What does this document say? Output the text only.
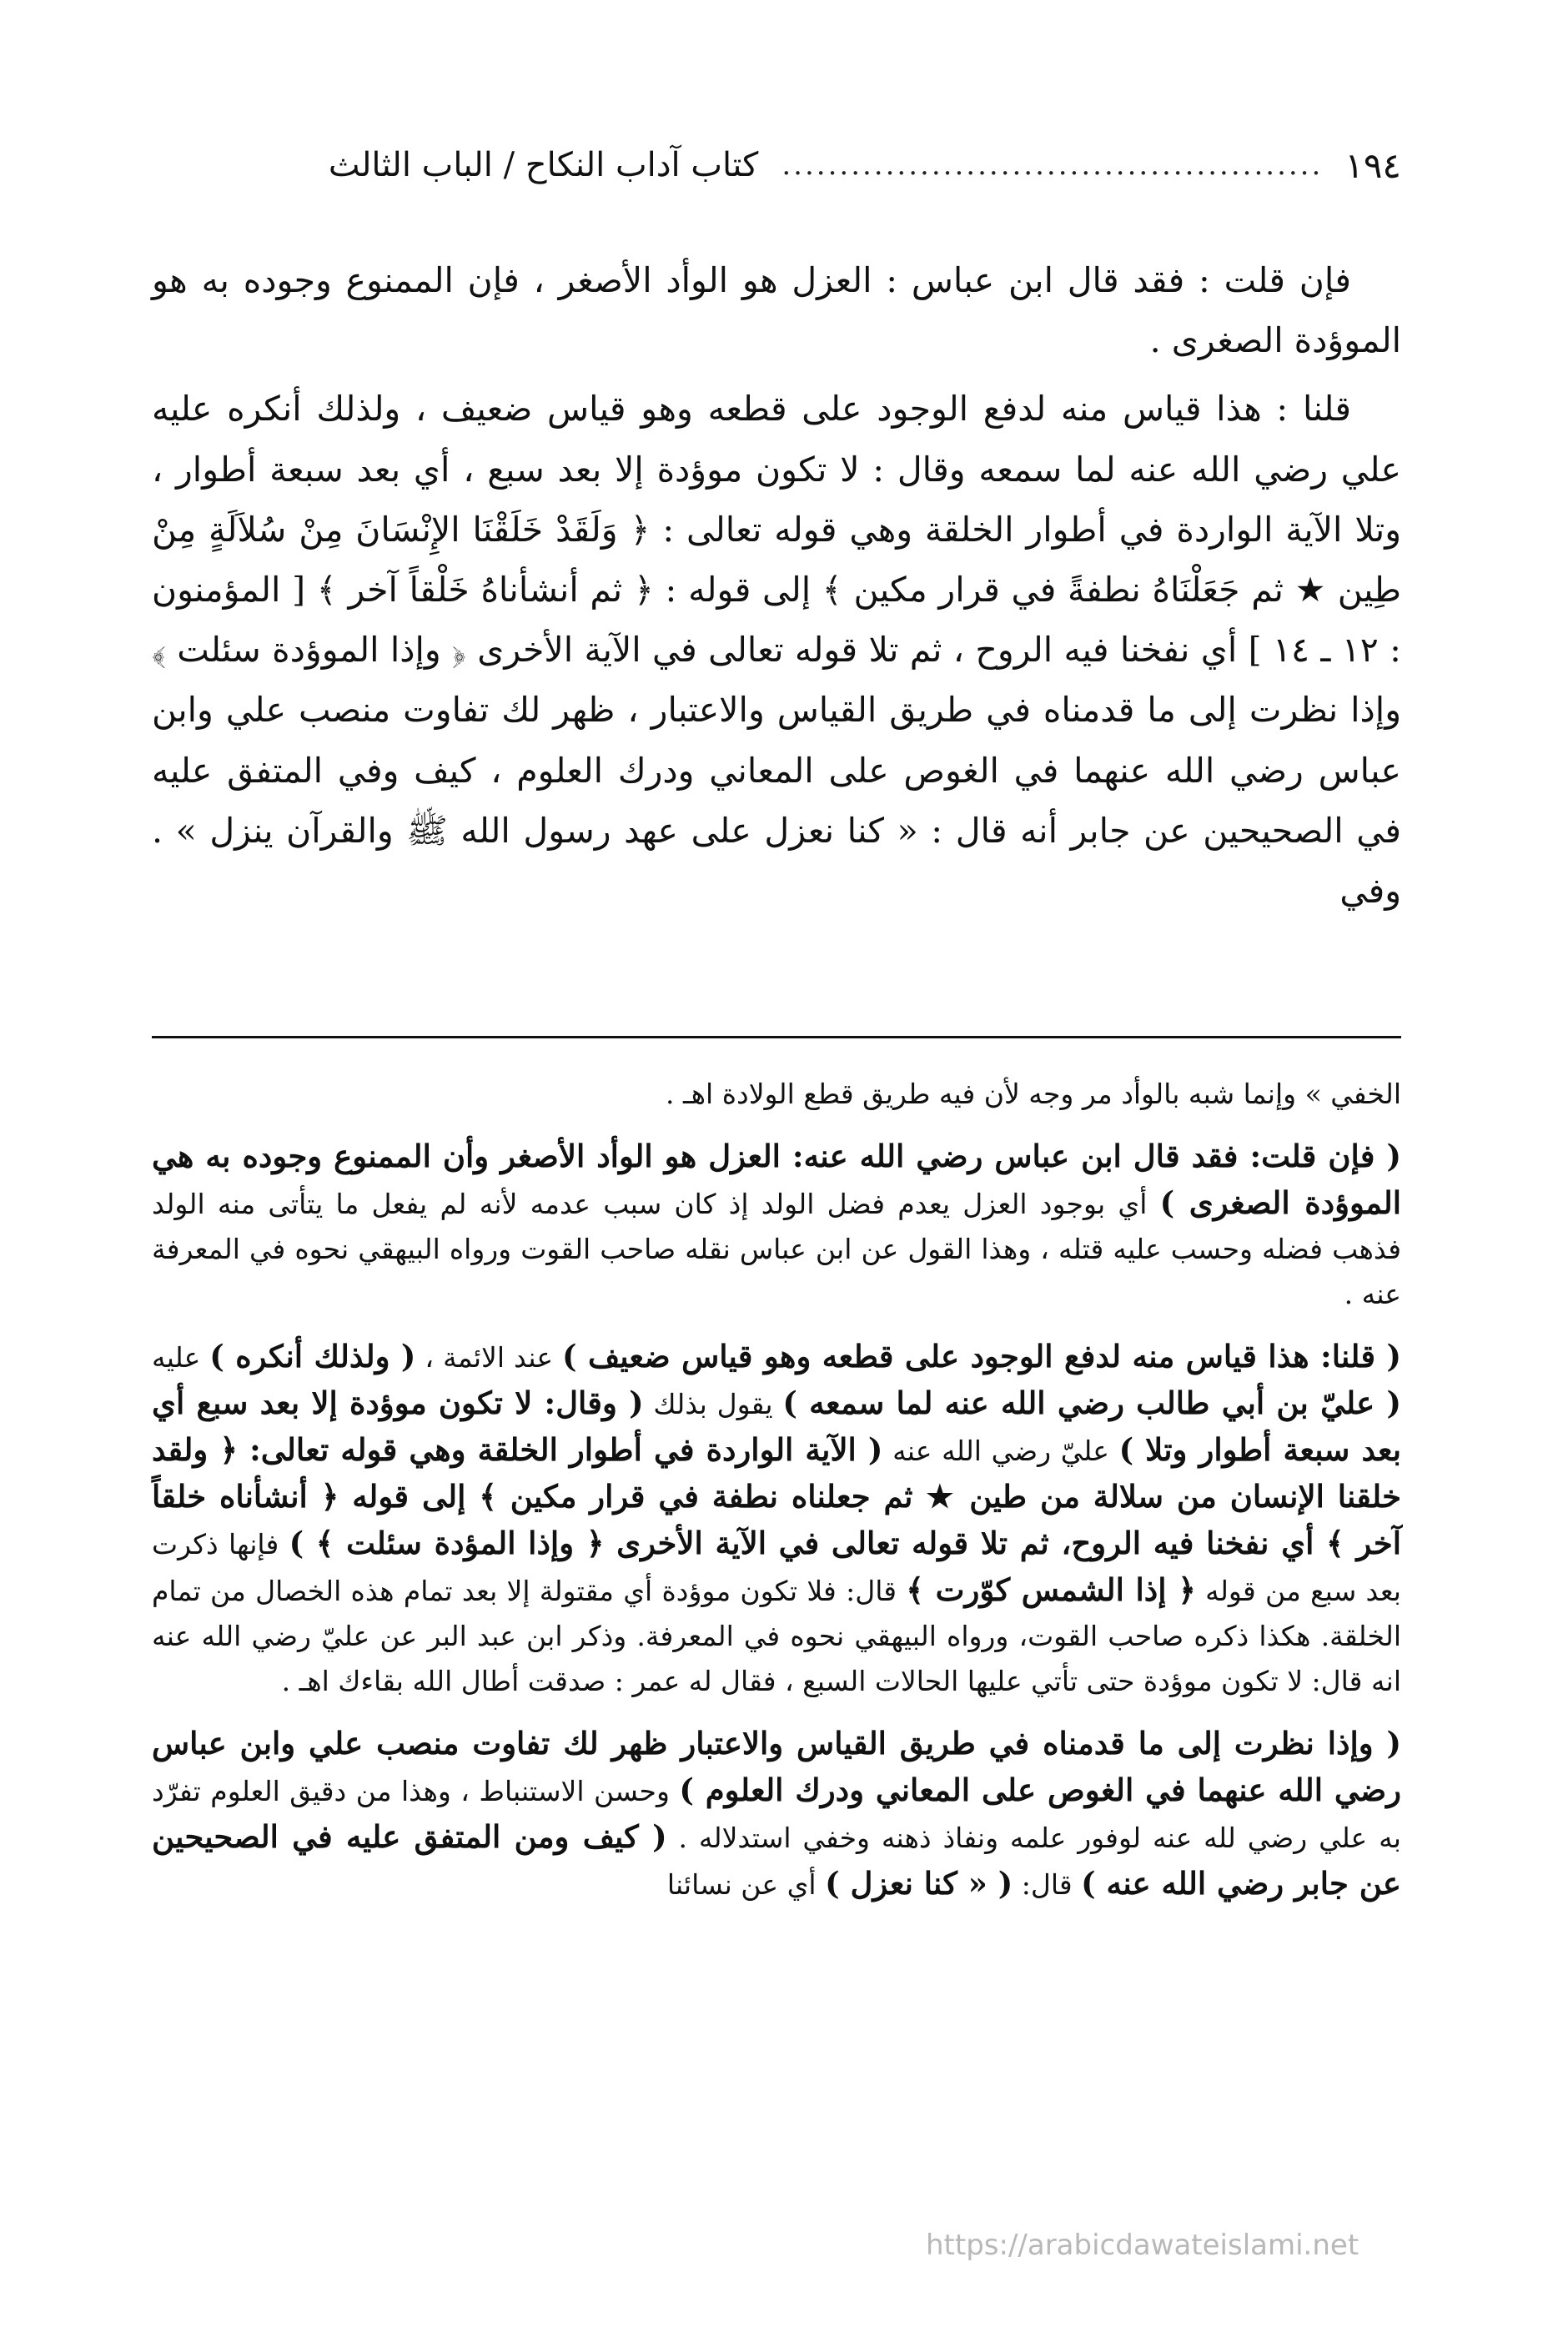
١٩٤
...............................................
كتاب آداب النكاح / الباب الثالث

فإن قلت : فقد قال ابن عباس : العزل هو الوأد الأصغر ، فإن الممنوع وجوده به هو الموؤدة الصغرى .

قلنا : هذا قياس منه لدفع الوجود على قطعه وهو قياس ضعيف ، ولذلك أنكره عليه علي رضي الله عنه لما سمعه وقال : لا تكون موؤدة إلا بعد سبع ، أي بعد سبعة أطوار ، وتلا الآية الواردة في أطوار الخلقة وهي قوله تعالى : ﴿ وَلَقَدْ خَلَقْنَا الإِنْسَانَ مِنْ سُلاَلَةٍ مِنْ طِين ★ ثم جَعَلْنَاهُ نطفةً في قرار مكين ﴾ إلى قوله : ﴿ ثم أنشأناهُ خَلْقاً آخر ﴾ [ المؤمنون : ١٢ ـ ١٤ ] أي نفخنا فيه الروح ، ثم تلا قوله تعالى في الآية الأخرى ﴿ وإذا الموؤدة سئلت ﴾ وإذا نظرت إلى ما قدمناه في طريق القياس والاعتبار ، ظهر لك تفاوت منصب علي وابن عباس رضي الله عنهما في الغوص على المعاني ودرك العلوم ، كيف وفي المتفق عليه في الصحيحين عن جابر أنه قال : « كنا نعزل على عهد رسول الله ﷺ والقرآن ينزل » . وفي

الخفي » وإنما شبه بالوأد مر وجه لأن فيه طريق قطع الولادة اهـ .

( فإن قلت: فقد قال ابن عباس رضي الله عنه: العزل هو الوأد الأصغر وأن الممنوع وجوده به هي الموؤدة الصغرى ) أي بوجود العزل يعدم فضل الولد إذ كان سبب عدمه لأنه لم يفعل ما يتأتى منه الولد فذهب فضله وحسب عليه قتله ، وهذا القول عن ابن عباس نقله صاحب القوت ورواه البيهقي نحوه في المعرفة عنه .

( قلنا: هذا قياس منه لدفع الوجود على قطعه وهو قياس ضعيف ) عند الائمة ، ( ولذلك أنكره ) عليه ( عليّ بن أبي طالب رضي الله عنه لما سمعه ) يقول بذلك ( وقال: لا تكون موؤدة إلا بعد سبع أي بعد سبعة أطوار وتلا ) عليّ رضي الله عنه ( الآية الواردة في أطوار الخلقة وهي قوله تعالى: ﴿ ولقد خلقنا الإنسان من سلالة من طين ★ ثم جعلناه نطفة في قرار مكين ﴾ إلى قوله ﴿ أنشأناه خلقاً آخر ﴾ أي نفخنا فيه الروح، ثم تلا قوله تعالى في الآية الأخرى ﴿ وإذا المؤدة سئلت ﴾ ) فإنها ذكرت بعد سبع من قوله ﴿ إذا الشمس كوّرت ﴾ قال: فلا تكون موؤدة أي مقتولة إلا بعد تمام هذه الخصال من تمام الخلقة. هكذا ذكره صاحب القوت، ورواه البيهقي نحوه في المعرفة. وذكر ابن عبد البر عن عليّ رضي الله عنه انه قال: لا تكون موؤدة حتى تأتي عليها الحالات السبع ، فقال له عمر : صدقت أطال الله بقاءك اهـ .

( وإذا نظرت إلى ما قدمناه في طريق القياس والاعتبار ظهر لك تفاوت منصب علي وابن عباس رضي الله عنهما في الغوص على المعاني ودرك العلوم ) وحسن الاستنباط ، وهذا من دقيق العلوم تفرّد به علي رضي لله عنه لوفور علمه ونفاذ ذهنه وخفي استدلاله . ( كيف ومن المتفق عليه في الصحيحين عن جابر رضي الله عنه ) قال: ( « كنا نعزل ) أي عن نسائنا

https://arabicdawateislami.net
